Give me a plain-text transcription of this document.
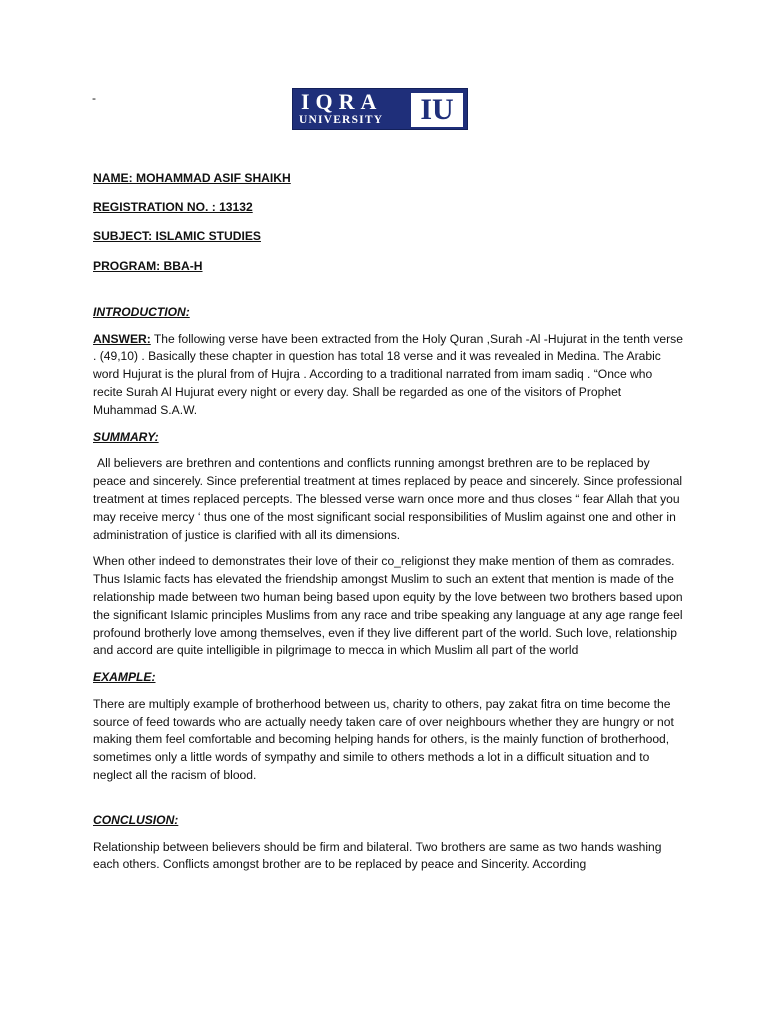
-	IQRA
UNIVERSITY	IU
NAME: MOHAMMAD ASIF SHAIKH
REGISTRATION NO. : 13132
SUBJECT: ISLAMIC STUDIES
PROGRAM: BBA-H
INTRODUCTION:

ANSWER: The following verse have been extracted from the Holy Quran ,Surah -Al -Hujurat in the tenth verse . (49,10) . Basically these chapter in question has total 18 verse and it was revealed in Medina. The Arabic word Hujurat is the plural from of Hujra . According to a traditional narrated from imam sadiq . “Once who recite Surah Al Hujurat every night or every day. Shall be regarded as one of the visitors of Prophet Muhammad S.A.W.

SUMMARY:

All believers are brethren and contentions and conflicts running amongst brethren are to be replaced by peace and sincerely. Since preferential treatment at times replaced by peace and sincerely. Since professional treatment at times replaced percepts. The blessed verse warn once more and thus closes “ fear Allah that you may receive mercy ‘ thus one of the most significant social responsibilities of Muslim against one and other in administration of justice is clarified with all its dimensions.

When other indeed to demonstrates their love of their co_religionst they make mention of them as comrades. Thus Islamic facts has elevated the friendship amongst Muslim to such an extent that mention is made of the relationship made between two human being based upon equity by the love between two brothers based upon the significant Islamic principles Muslims from any race and tribe speaking any language at any age range feel profound brotherly love among themselves, even if they live different part of the world. Such love, relationship and accord are quite intelligible in pilgrimage to mecca in which Muslim all part of the world

EXAMPLE:

There are multiply example of brotherhood between us, charity to others, pay zakat fitra on time become the source of feed towards who are actually needy taken care of over neighbours whether they are hungry or not making them feel comfortable and becoming helping hands for others, is the mainly function of brotherhood, sometimes only a little words of sympathy and simile to others methods a lot in a difficult situation and to neglect all the racism of blood.

CONCLUSION:

Relationship between believers should be firm and bilateral. Two brothers are same as two hands washing each others. Conflicts amongst brother are to be replaced by peace and Sincerity. According
